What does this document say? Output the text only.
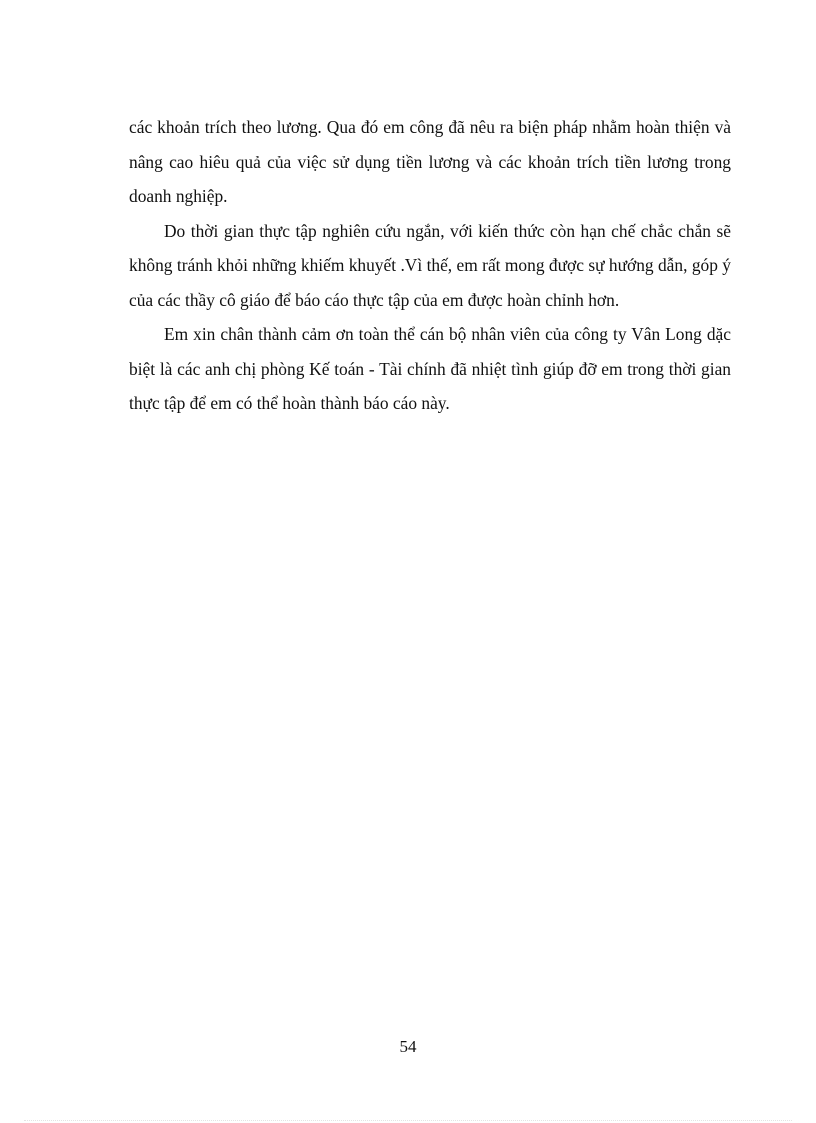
các khoản trích theo lương. Qua đó em công đã nêu ra biện pháp nhằm hoàn thiện và nâng cao hiêu quả của việc sử dụng tiền lương và các khoản trích tiền lương trong doanh nghiệp.

Do thời gian thực tập nghiên cứu ngắn, với kiến thức còn hạn chế chắc chắn sẽ không tránh khỏi những khiếm khuyết .Vì thế, em rất mong được sự hướng dẫn, góp ý của các thầy cô giáo để báo cáo thực tập của em được hoàn chỉnh hơn.

Em xin chân thành cảm ơn toàn thể cán bộ nhân viên của công ty Vân Long dặc biệt là các anh chị phòng Kế toán - Tài chính đã nhiệt tình giúp đỡ em trong thời gian thực tập để em có thể hoàn thành báo cáo này.

54
